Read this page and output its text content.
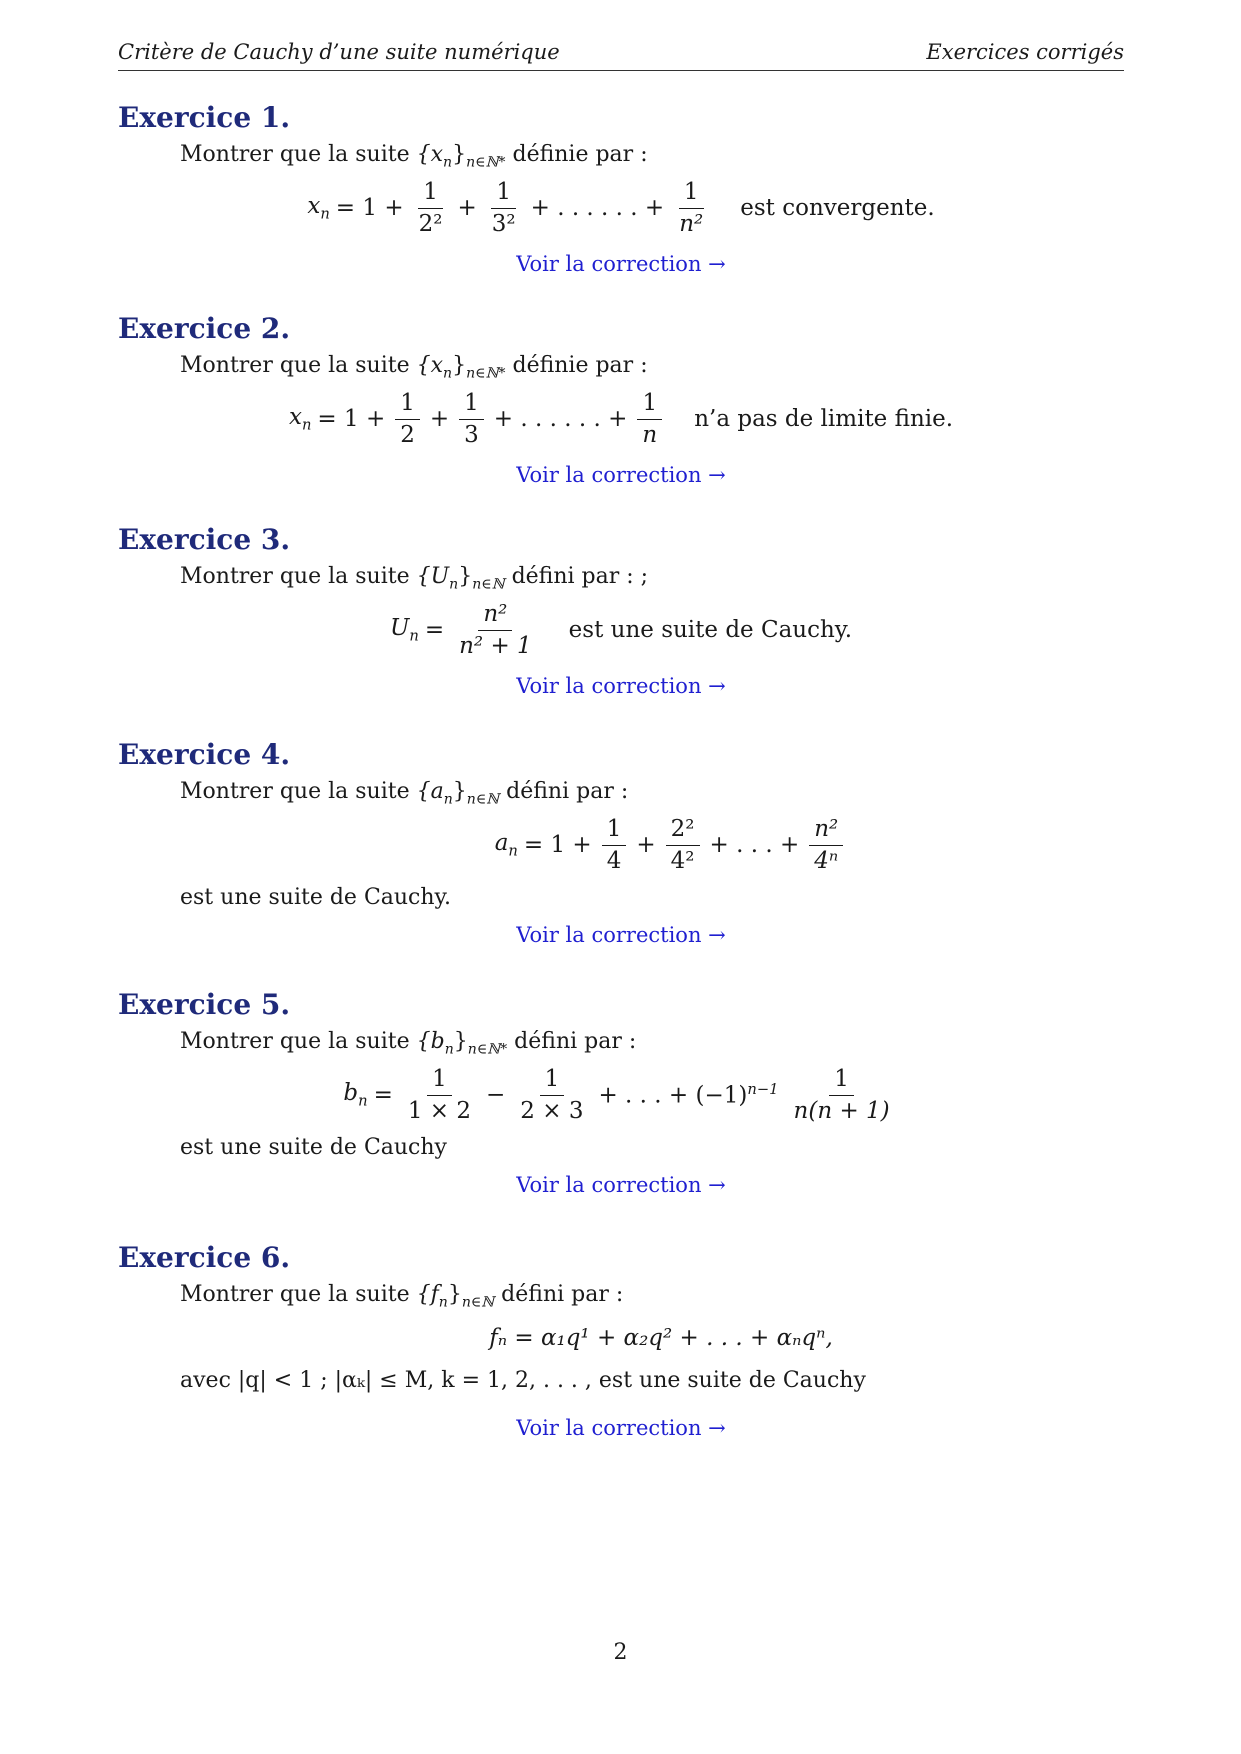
Critère de Cauchy d’une suite numérique	Exercices corrigés
Exercice 1.
Montrer que la suite $\{x_n\}_{n\in ℕ*}$ définie par :
$x_n = 1 + \frac{1}{\text{2²}} + \frac{1}{\text{3²}}$ + . . . . . . + $\frac{1}{\text{n²}}$ est convergente.
Voir la correction →
Exercice 2.
Montrer que la suite $\{x_n\}_{n\in ℕ*}$ définie par :
$x_n = 1 + \frac{1}{2} + \frac{1}{3}$ + . . . . . . + $\frac{1}{n}$ n’a pas de limite finie.
Voir la correction →
Exercice 3.
Montrer que la suite $\{U_n\}_{n\in ℕ}$ défini par : ;
$U_n = \frac{\text{n²}}{\text{n² + 1}}$ est une suite de Cauchy.
Voir la correction →
Exercice 4.
Montrer que la suite $\{a_n\}_{n\in ℕ}$ défini par :
$a_n = 1 + \frac{1}{4} + \frac{\text{2²}}{\text{4²}}$ + . . . + $\frac{\text{n²}}{\text{4ⁿ}}$
est une suite de Cauchy.
Voir la correction →
Exercice 5.
Montrer que la suite $\{b_n\}_{n\in ℕ*}$ défini par :
$b_n = \frac{1}{1 \times 2} - \frac{1}{2 \times 3}$ + . . . + $(-1)^{n-1} \frac{1}{n(n + 1)}$
est une suite de Cauchy
Voir la correction →
Exercice 6.
Montrer que la suite $\{f_n\}_{n\in ℕ}$ défini par :
fₙ = α₁q¹ + α₂q² + . . . + αₙqⁿ,
avec |q| < 1 ; |αₖ| ≤ M, k = 1, 2, . . . , est une suite de Cauchy
Voir la correction →
2
